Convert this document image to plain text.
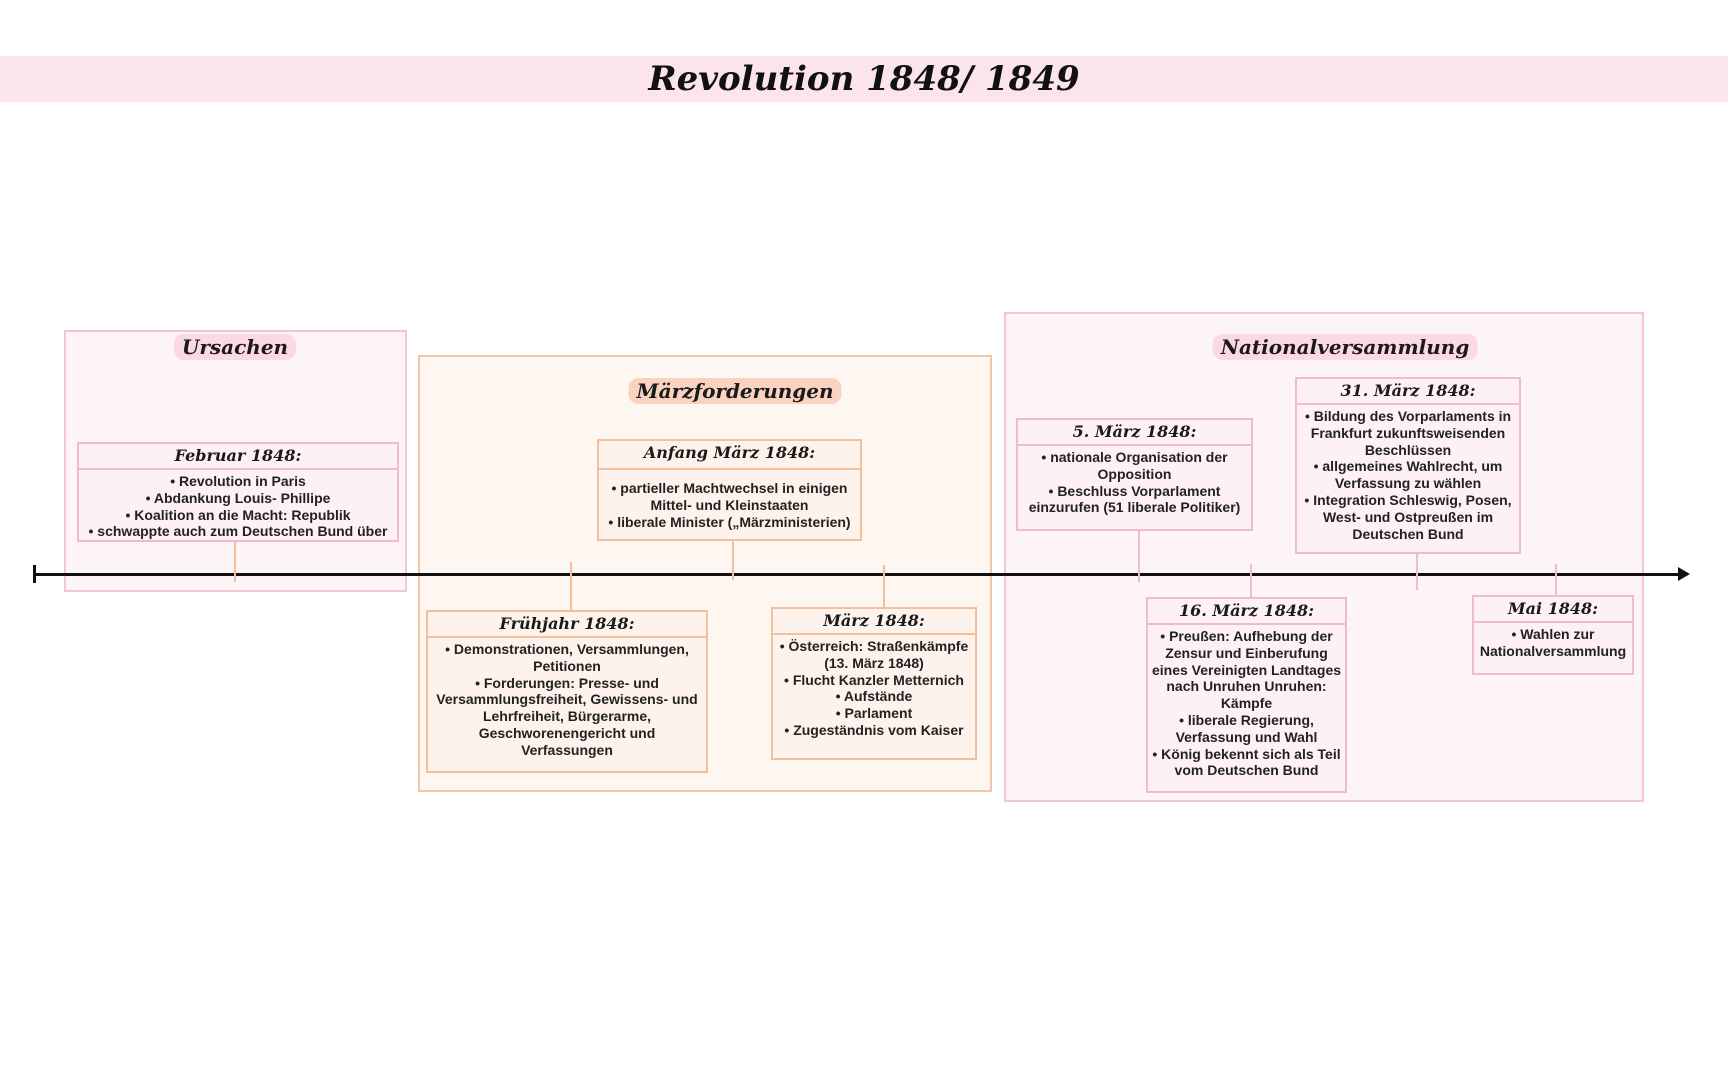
Revolution 1848/ 1849
Ursachen
Märzforderungen
Nationalversammlung
Februar 1848:
• Revolution in Paris
• Abdankung Louis- Phillipe
• Koalition an die Macht: Republik
• schwappte auch zum Deutschen Bund über
Anfang März 1848:
• partieller Machtwechsel in einigen Mittel- und Kleinstaaten
• liberale Minister („Märzministerien)
Frühjahr 1848:
• Demonstrationen, Versammlungen, Petitionen
• Forderungen: Presse- und Versammlungsfreiheit, Gewissens- und Lehrfreiheit, Bürgerarme, Geschworenengericht und Verfassungen
März 1848:
• Österreich: Straßenkämpfe (13. März 1848)
• Flucht Kanzler Metternich
• Aufstände
• Parlament
• Zugeständnis vom Kaiser
5. März 1848:
• nationale Organisation der Opposition
• Beschluss Vorparlament einzurufen (51 liberale Politiker)
31. März 1848:
• Bildung des Vorparlaments in Frankfurt zukunftsweisenden Beschlüssen
• allgemeines Wahlrecht, um Verfassung zu wählen
• Integration Schleswig, Posen, West- und Ostpreußen im Deutschen Bund
16. März 1848:
• Preußen: Aufhebung der Zensur und Einberufung eines Vereinigten Landtages nach Unruhen Unruhen: Kämpfe
• liberale Regierung, Verfassung und Wahl
• König bekennt sich als Teil vom Deutschen Bund
Mai 1848:
• Wahlen zur Nationalversammlung
